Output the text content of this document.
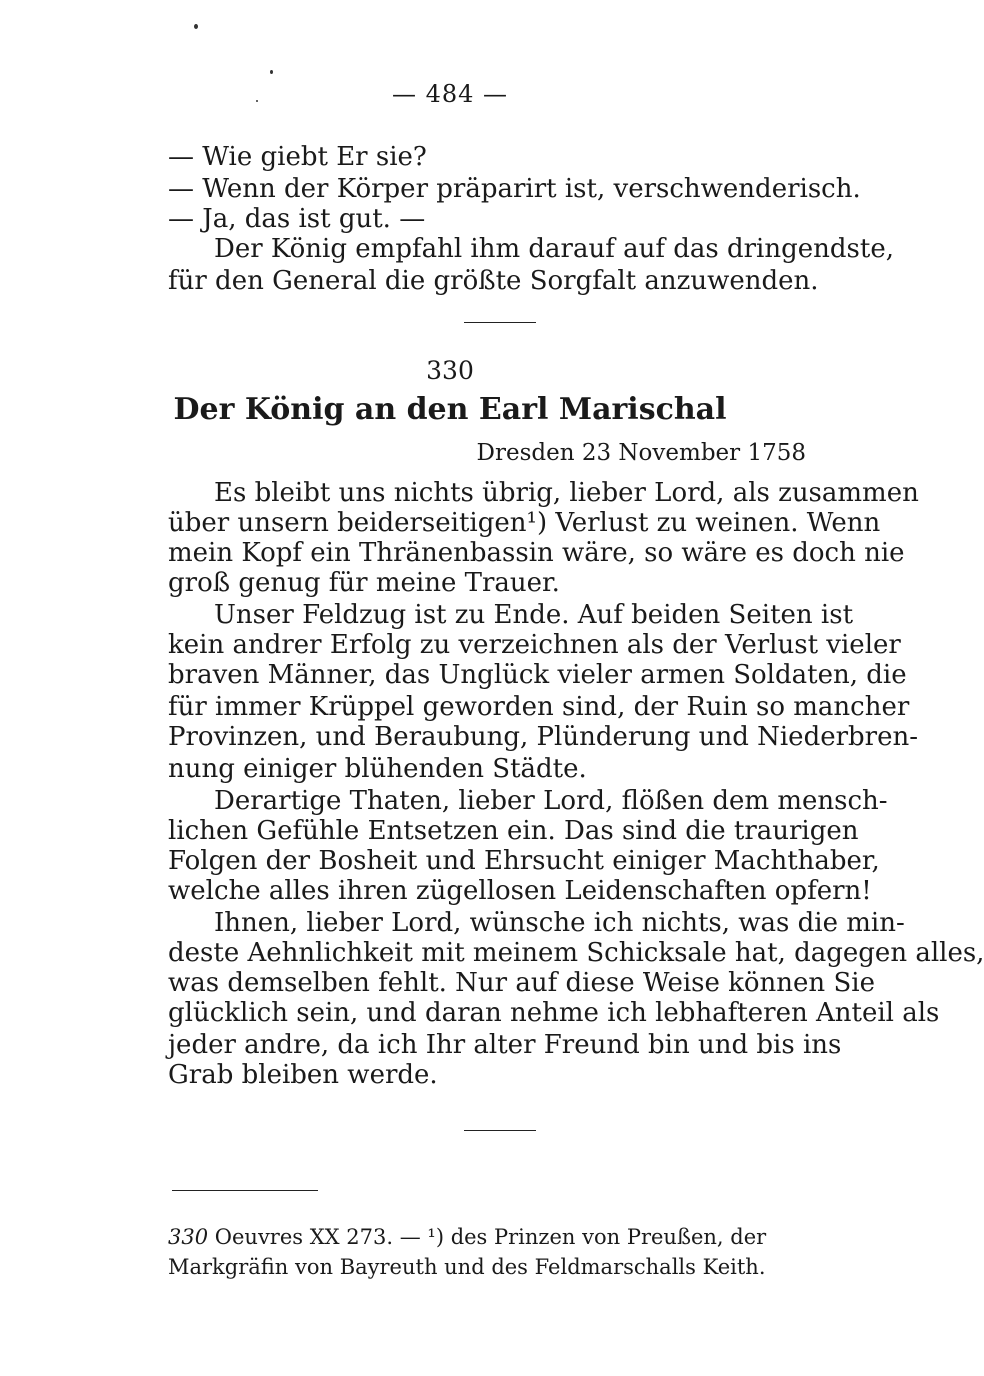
— 484 —
— Wie giebt Er sie?
— Wenn der Körper präparirt ist, verschwenderisch.
— Ja, das ist gut. —
Der König empfahl ihm darauf auf das dringendste,
für den General die größte Sorgfalt anzuwenden.
330
Der König an den Earl Marischal
Dresden 23 November 1758
Es bleibt uns nichts übrig, lieber Lord, als zusammen
über unsern beiderseitigen¹) Verlust zu weinen. Wenn
mein Kopf ein Thränenbassin wäre, so wäre es doch nie
groß genug für meine Trauer.
Unser Feldzug ist zu Ende. Auf beiden Seiten ist
kein andrer Erfolg zu verzeichnen als der Verlust vieler
braven Männer, das Unglück vieler armen Soldaten, die
für immer Krüppel geworden sind, der Ruin so mancher
Provinzen, und Beraubung, Plünderung und Niederbren-
nung einiger blühenden Städte.
Derartige Thaten, lieber Lord, flößen dem mensch-
lichen Gefühle Entsetzen ein. Das sind die traurigen
Folgen der Bosheit und Ehrsucht einiger Machthaber,
welche alles ihren zügellosen Leidenschaften opfern!
Ihnen, lieber Lord, wünsche ich nichts, was die min-
deste Aehnlichkeit mit meinem Schicksale hat, dagegen alles,
was demselben fehlt. Nur auf diese Weise können Sie
glücklich sein, und daran nehme ich lebhafteren Anteil als
jeder andre, da ich Ihr alter Freund bin und bis ins
Grab bleiben werde.
330 Oeuvres XX 273. — ¹) des Prinzen von Preußen, der
Markgräfin von Bayreuth und des Feldmarschalls Keith.
